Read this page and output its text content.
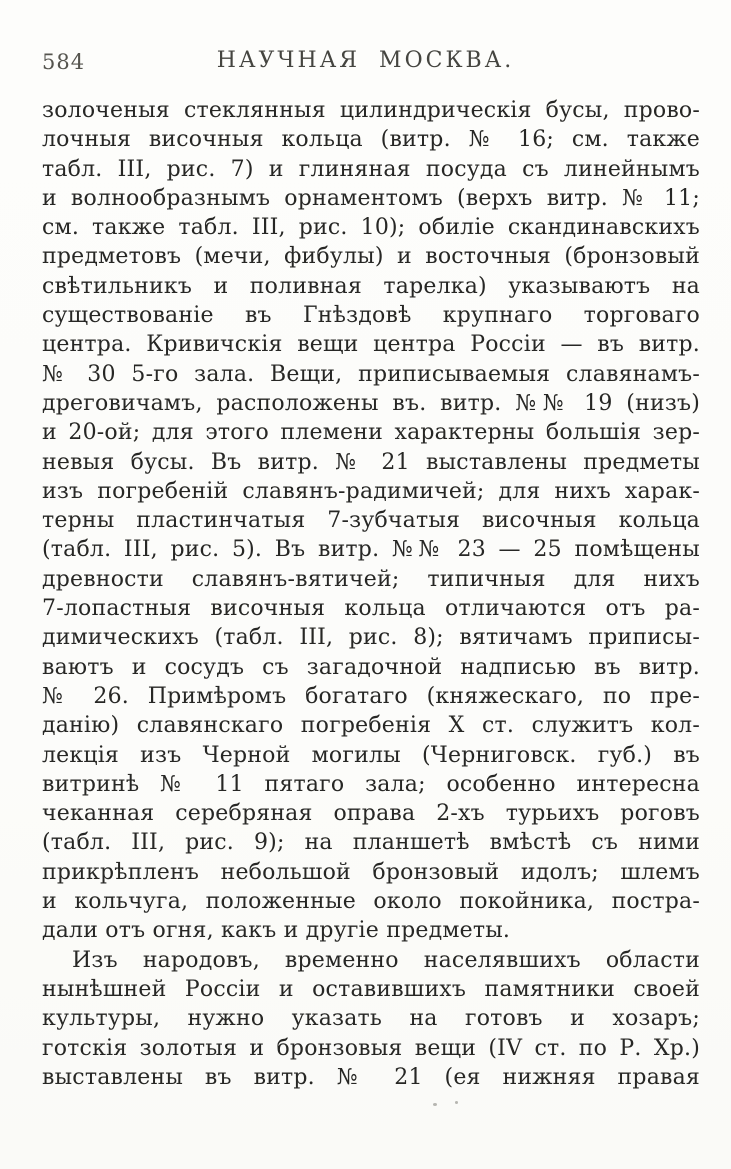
584	НАУЧНАЯ МОСКВА.
золоченыя стеклянныя цилиндрическія бусы, прово-
лочныя височныя кольца (витр. № 16; см. также
табл. III, рис. 7) и глиняная посуда съ линейнымъ
и волнообразнымъ орнаментомъ (верхъ витр. № 11;
см. также табл. III, рис. 10); обиліе скандинавскихъ
предметовъ (мечи, фибулы) и восточныя (бронзовый
свѣтильникъ и поливная тарелка) указываютъ на
существованіе въ Гнѣздовѣ крупнаго торговаго
центра. Кривичскія вещи центра Россіи — въ витр.
№ 30 5-го зала. Вещи, приписываемыя славянамъ-
дреговичамъ, расположены въ. витр. №№ 19 (низъ)
и 20-ой; для этого племени характерны большія зер-
невыя бусы. Въ витр. № 21 выставлены предметы
изъ погребеній славянъ-радимичей; для нихъ харак-
терны пластинчатыя 7-зубчатыя височныя кольца
(табл. III, рис. 5). Въ витр. №№ 23 — 25 помѣщены
древности славянъ-вятичей; типичныя для нихъ
7-лопастныя височныя кольца отличаются отъ ра-
димическихъ (табл. III, рис. 8); вятичамъ приписы-
ваютъ и сосудъ съ загадочной надписью въ витр.
№ 26. Примѣромъ богатаго (княжескаго, по пре-
данію) славянскаго погребенія X ст. служитъ кол-
лекція изъ Черной могилы (Черниговск. губ.) въ
витринѣ № 11 пятаго зала; особенно интересна
чеканная серебряная оправа 2-хъ турьихъ роговъ
(табл. III, рис. 9); на планшетѣ вмѣстѣ съ ними
прикрѣпленъ небольшой бронзовый идолъ; шлемъ
и кольчуга, положенные около покойника, постра-
дали отъ огня, какъ и другіе предметы.
Изъ народовъ, временно населявшихъ области
нынѣшней Россіи и оставившихъ памятники своей
культуры, нужно указать на готовъ и хозаръ;
готскія золотыя и бронзовыя вещи (IV ст. по Р. Хр.)
выставлены въ витр. № 21 (ея нижняя правая
